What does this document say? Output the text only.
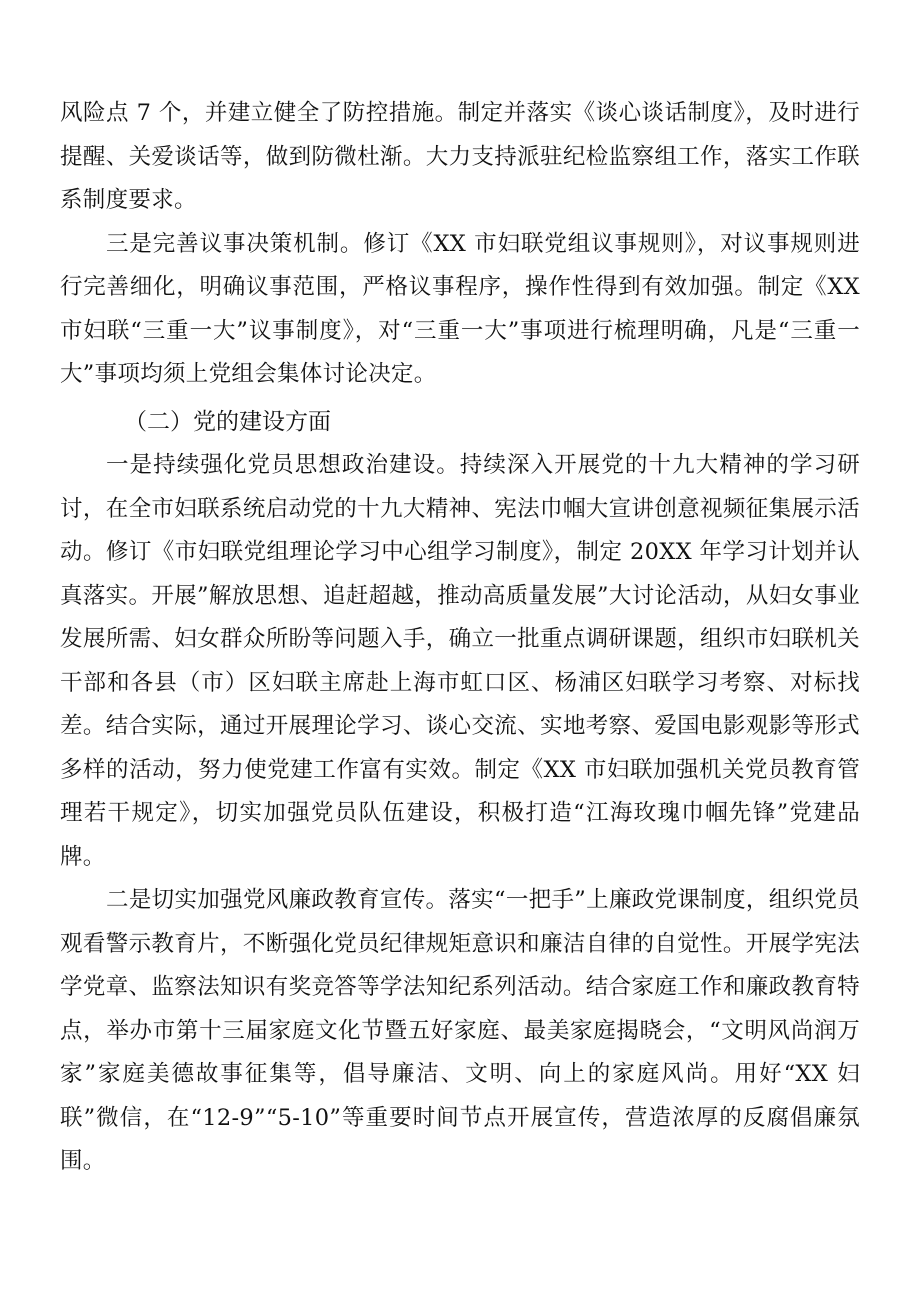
风险点 7 个，并建立健全了防控措施。制定并落实《谈心谈话制度》，及时进行提醒、关爱谈话等，做到防微杜渐。大力支持派驻纪检监察组工作，落实工作联系制度要求。

三是完善议事决策机制。修订《XX 市妇联党组议事规则》，对议事规则进行完善细化，明确议事范围，严格议事程序，操作性得到有效加强。制定《XX 市妇联“三重一大”议事制度》，对“三重一大”事项进行梳理明确，凡是“三重一大”事项均须上党组会集体讨论决定。

（二）党的建设方面

一是持续强化党员思想政治建设。持续深入开展党的十九大精神的学习研讨，在全市妇联系统启动党的十九大精神、宪法巾帼大宣讲创意视频征集展示活动。修订《市妇联党组理论学习中心组学习制度》，制定 20XX 年学习计划并认真落实。开展”解放思想、追赶超越，推动高质量发展”大讨论活动，从妇女事业发展所需、妇女群众所盼等问题入手，确立一批重点调研课题，组织市妇联机关干部和各县（市）区妇联主席赴上海市虹口区、杨浦区妇联学习考察、对标找差。结合实际，通过开展理论学习、谈心交流、实地考察、爱国电影观影等形式多样的活动，努力使党建工作富有实效。制定《XX 市妇联加强机关党员教育管理若干规定》，切实加强党员队伍建设，积极打造“江海玫瑰巾帼先锋”党建品牌。

二是切实加强党风廉政教育宣传。落实“一把手”上廉政党课制度，组织党员观看警示教育片，不断强化党员纪律规矩意识和廉洁自律的自觉性。开展学宪法学党章、监察法知识有奖竞答等学法知纪系列活动。结合家庭工作和廉政教育特点，举办市第十三届家庭文化节暨五好家庭、最美家庭揭晓会，“文明风尚润万家”家庭美德故事征集等，倡导廉洁、文明、向上的家庭风尚。用好“XX 妇联”微信，在“12-9”“5-10”等重要时间节点开展宣传，营造浓厚的反腐倡廉氛围。
